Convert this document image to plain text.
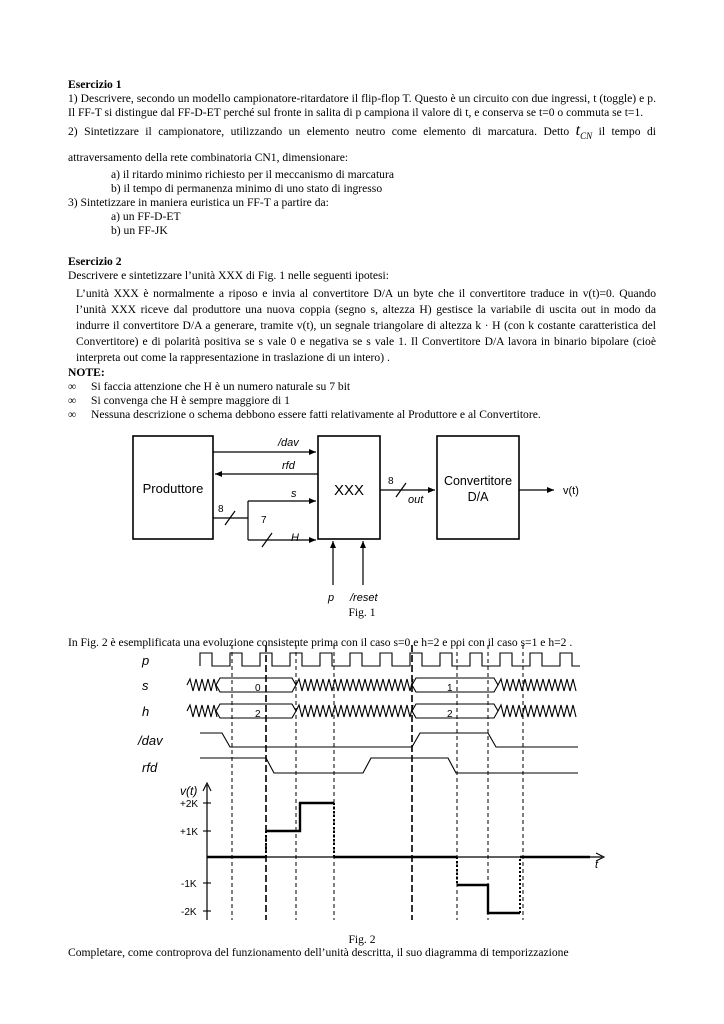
Esercizio 1

1) Descrivere, secondo un modello campionatore-ritardatore il flip-flop T. Questo è un circuito con due ingressi, t (toggle) e p. Il FF-T si distingue dal FF-D-ET perché sul fronte in salita di p campiona il valore di t, e conserva se t=0 o commuta se t=1.

2) Sintetizzare il campionatore, utilizzando un elemento neutro come elemento di marcatura. Detto $t_{CN}$ il tempo di attraversamento della rete combinatoria CN1, dimensionare:

a) il ritardo minimo richiesto per il meccanismo di marcatura

b) il tempo di permanenza minimo di uno stato di ingresso

3) Sintetizzare in maniera euristica un FF-T a partire da:

a) un FF-D-ET

b) un FF-JK

Esercizio 2

Descrivere e sintetizzare l’unità XXX di Fig. 1 nelle seguenti ipotesi:

L’unità XXX è normalmente a riposo e invia al convertitore D/A un byte che il convertitore traduce in v(t)=0. Quando l’unità XXX riceve dal produttore una nuova coppia (segno s, altezza H) gestisce la variabile di uscita out in modo da indurre il convertitore D/A a generare, tramite v(t), un segnale triangolare di altezza k · H (con k costante caratteristica del Convertitore) e di polarità positiva se s vale 0 e negativa se s vale 1. Il Convertitore D/A lavora in binario bipolare (cioè interpreta out come la rappresentazione in traslazione di un intero) .

NOTE:

∞ Si faccia attenzione che H è un numero naturale su 7 bit

∞ Si convenga che H è sempre maggiore di 1

∞ Nessuna descrizione o schema debbono essere fatti relativamente al Produttore e al Convertitore.

Produttore	XXX
Convertitore
D/A
/dav
rfd
s
H
8
7
8
out
v(t)
p /reset
Fig. 1
In Fig. 2 è esemplificata una evoluzione consistente prima con il caso s=0 e h=2 e poi con il caso s=1 e h=2 .
p
s
h
/dav
rfd
v(t)
t
+2K
+1K
-1K
-2K
0	1
2	2
Fig. 2
Completare, come controprova del funzionamento dell’unità descritta, il suo diagramma di temporizzazione
